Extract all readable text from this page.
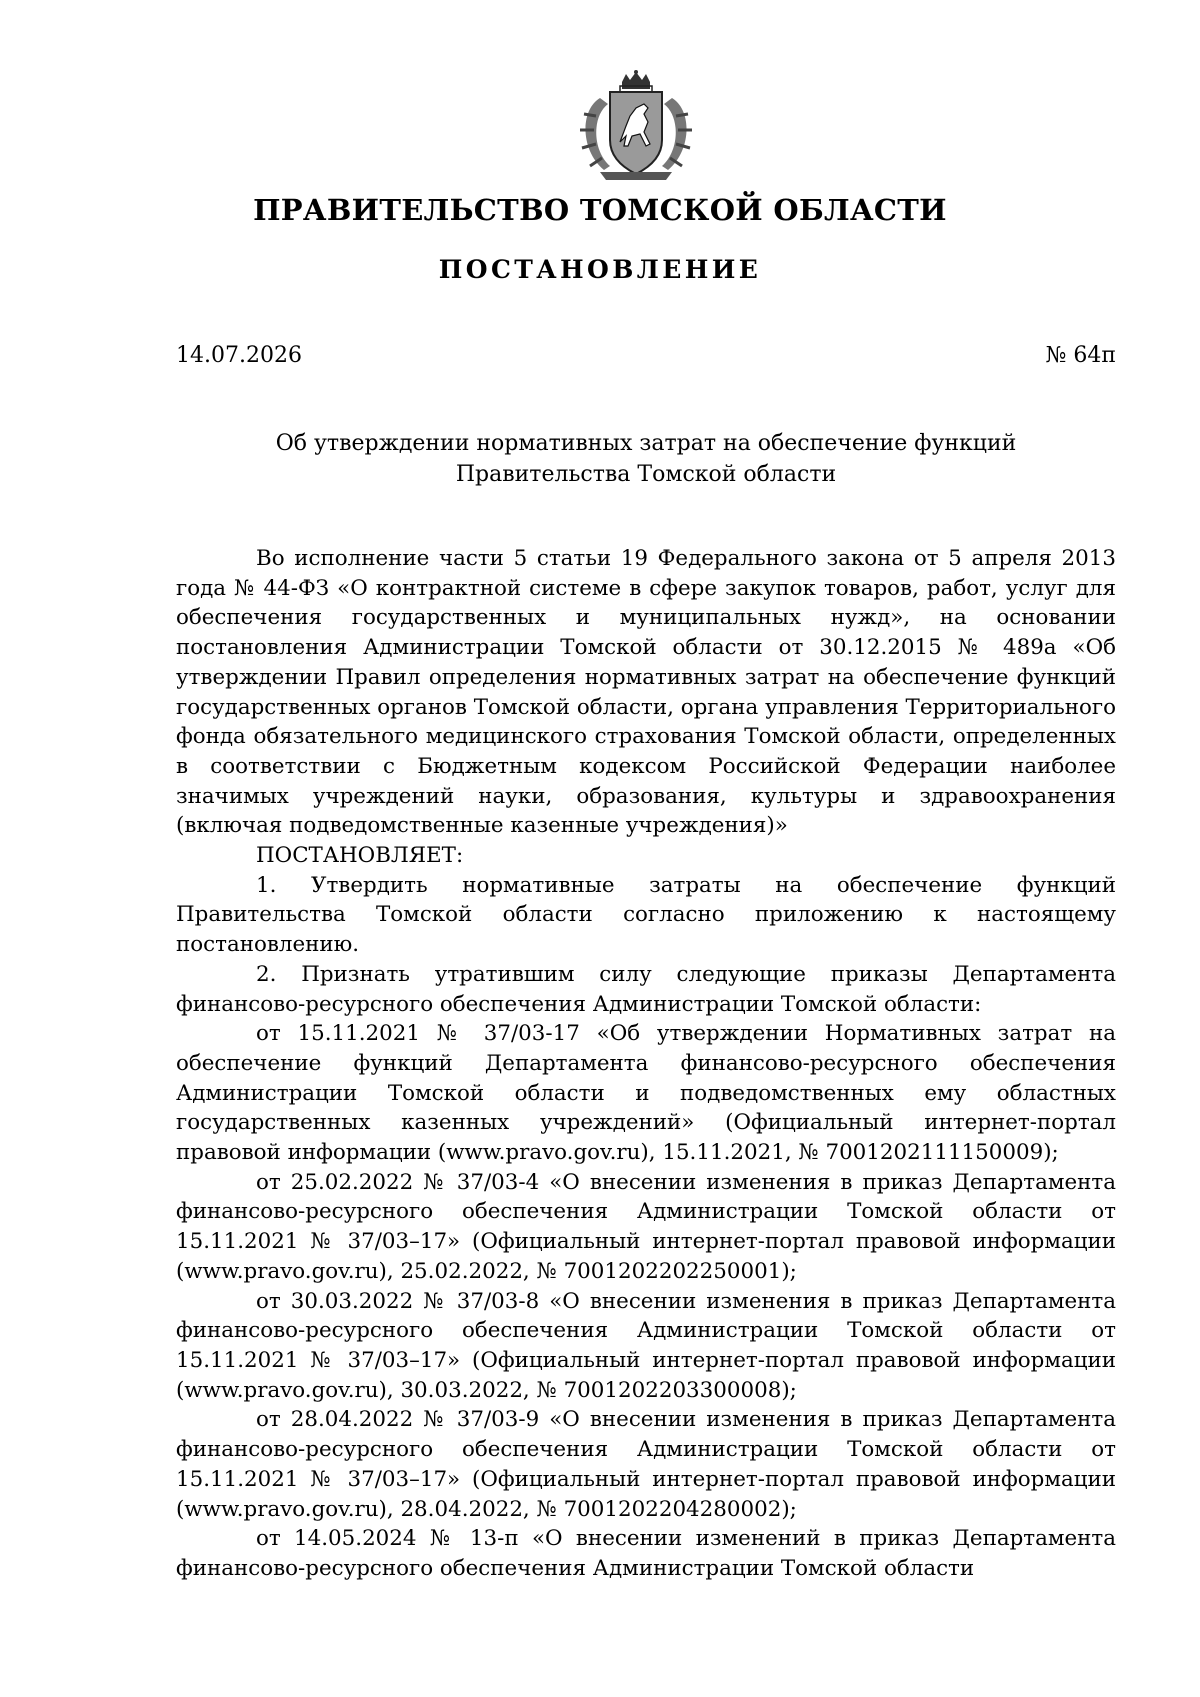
ПРАВИТЕЛЬСТВО ТОМСКОЙ ОБЛАСТИ
ПОСТАНОВЛЕНИЕ
14.07.2026	№ 64п
Об утверждении нормативных затрат на обеспечение функций
Правительства Томской области

Во исполнение части 5 статьи 19 Федерального закона от 5 апреля 2013 года № 44-ФЗ «О контрактной системе в сфере закупок товаров, работ, услуг для обеспечения государственных и муниципальных нужд», на основании постановления Администрации Томской области от 30.12.2015 № 489а «Об утверждении Правил определения нормативных затрат на обеспечение функций государственных органов Томской области, органа управления Территориального фонда обязательного медицинского страхования Томской области, определенных в соответствии с Бюджетным кодексом Российской Федерации наиболее значимых учреждений науки, образования, культуры и здравоохранения (включая подведомственные казенные учреждения)»

ПОСТАНОВЛЯЕТ:

1. Утвердить нормативные затраты на обеспечение функций Правительства Томской области согласно приложению к настоящему постановлению.

2. Признать утратившим силу следующие приказы Департамента финансово-ресурсного обеспечения Администрации Томской области:

от 15.11.2021 № 37/03-17 «Об утверждении Нормативных затрат на обеспечение функций Департамента финансово-ресурсного обеспечения Администрации Томской области и подведомственных ему областных государственных казенных учреждений» (Официальный интернет-портал правовой информации (www.pravo.gov.ru), 15.11.2021, № 7001202111150009);

от 25.02.2022 № 37/03-4 «О внесении изменения в приказ Департамента финансово-ресурсного обеспечения Администрации Томской области от 15.11.2021 № 37/03–17» (Официальный интернет-портал правовой информации (www.pravo.gov.ru), 25.02.2022, № 7001202202250001);

от 30.03.2022 № 37/03-8 «О внесении изменения в приказ Департамента финансово-ресурсного обеспечения Администрации Томской области от 15.11.2021 № 37/03–17» (Официальный интернет-портал правовой информации (www.pravo.gov.ru), 30.03.2022, № 7001202203300008);

от 28.04.2022 № 37/03-9 «О внесении изменения в приказ Департамента финансово-ресурсного обеспечения Администрации Томской области от 15.11.2021 № 37/03–17» (Официальный интернет-портал правовой информации (www.pravo.gov.ru), 28.04.2022, № 7001202204280002);

от 14.05.2024 № 13-п «О внесении изменений в приказ Департамента финансово-ресурсного обеспечения Администрации Томской области
